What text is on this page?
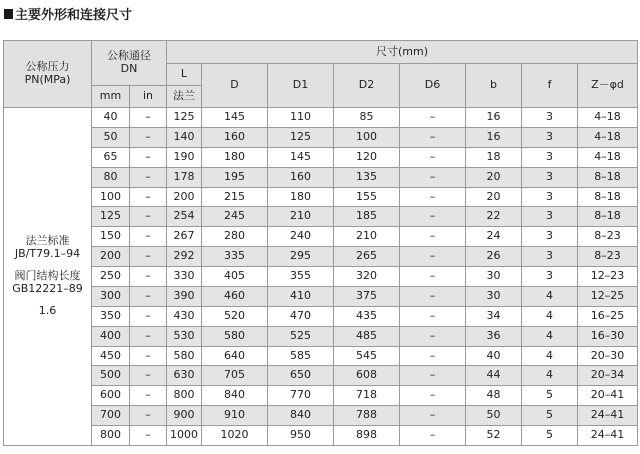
主要外形和连接尺寸
公称压力
PN(MPa)	公称通径
DN		尺寸(mm)							
			L	D	D1	D2	D6	b	f	Z－φd
	mm	in	法兰							

法兰标准
JB/T79.1–94
阀门结构长度
GB12221–89
1.6	40	–	125	145	110	85	–	16	3	4–18
	50	–	140	160	125	100	–	16	3	4–18
	65	–	190	180	145	120	–	18	3	4–18
	80	–	178	195	160	135	–	20	3	8–18
	100	–	200	215	180	155	–	20	3	8–18
	125	–	254	245	210	185	–	22	3	8–18
	150	–	267	280	240	210	–	24	3	8–23
	200	–	292	335	295	265	–	26	3	8–23
	250	–	330	405	355	320	–	30	3	12–23
	300	–	390	460	410	375	–	30	4	12–25
	350	–	430	520	470	435	–	34	4	16–25
	400	–	530	580	525	485	–	36	4	16–30
	450	–	580	640	585	545	–	40	4	20–30
	500	–	630	705	650	608	–	44	4	20–34
	600	–	800	840	770	718	–	48	5	20–41
	700	–	900	910	840	788	–	50	5	24–41
	800	–	1000	1020	950	898	–	52	5	24–41
